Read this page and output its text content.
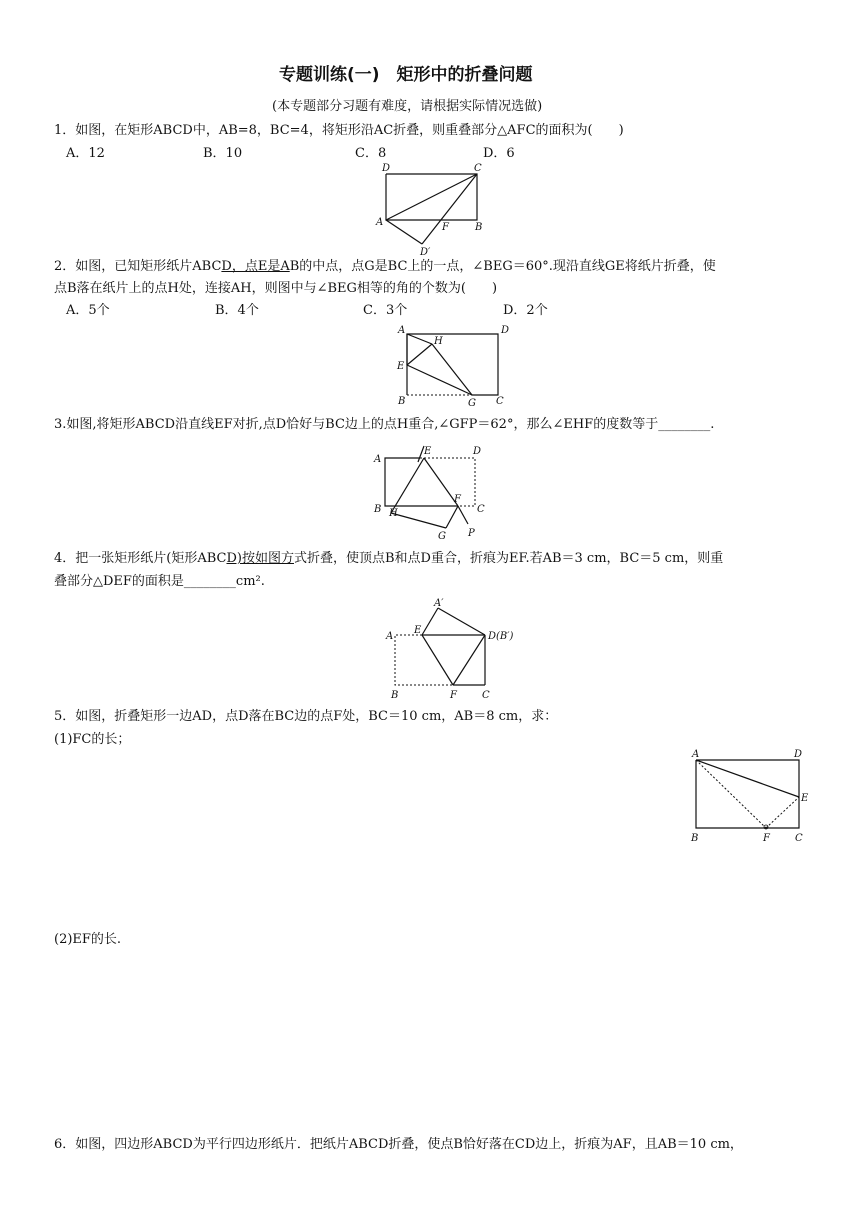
专题训练(一)　矩形中的折叠问题
(本专题部分习题有难度，请根据实际情况选做)
1．如图，在矩形ABCD中，AB=8，BC=4，将矩形沿AC折叠，则重叠部分△AFC的面积为(　　)
A．12	B．10	C．8	D．6
D	C
A	F	B
D′
2．如图，已知矩形纸片ABCD，点E是AB的中点，点G是BC上的一点，∠BEG＝60°.现沿直线GE将纸片折叠，使
点B落在纸片上的点H处，连接AH，则图中与∠BEG相等的角的个数为(　　)
A．5个	B．4个	C．3个	D．2个
A	D
H
E
B	G C
3.如图,将矩形ABCD沿直线EF对折,点D恰好与BC边上的点H重合,∠GFP＝62°，那么∠EHF的度数等于________.
A
E	D
F
C
B H
G P
4．把一张矩形纸片(矩形ABCD)按如图方式折叠，使顶点B和点D重合，折痕为EF.若AB＝3 cm，BC＝5 cm，则重
叠部分△DEF的面积是________cm².
A′
A
E
D(B′)
B	F	C
5．如图，折叠矩形一边AD，点D落在BC边的点F处，BC＝10 cm，AB＝8 cm，求：
(1)FC的长；
(2)EF的长.
A	D
E
B	F	C
6．如图，四边形ABCD为平行四边形纸片．把纸片ABCD折叠，使点B恰好落在CD边上，折痕为AF，且AB＝10 cm，
